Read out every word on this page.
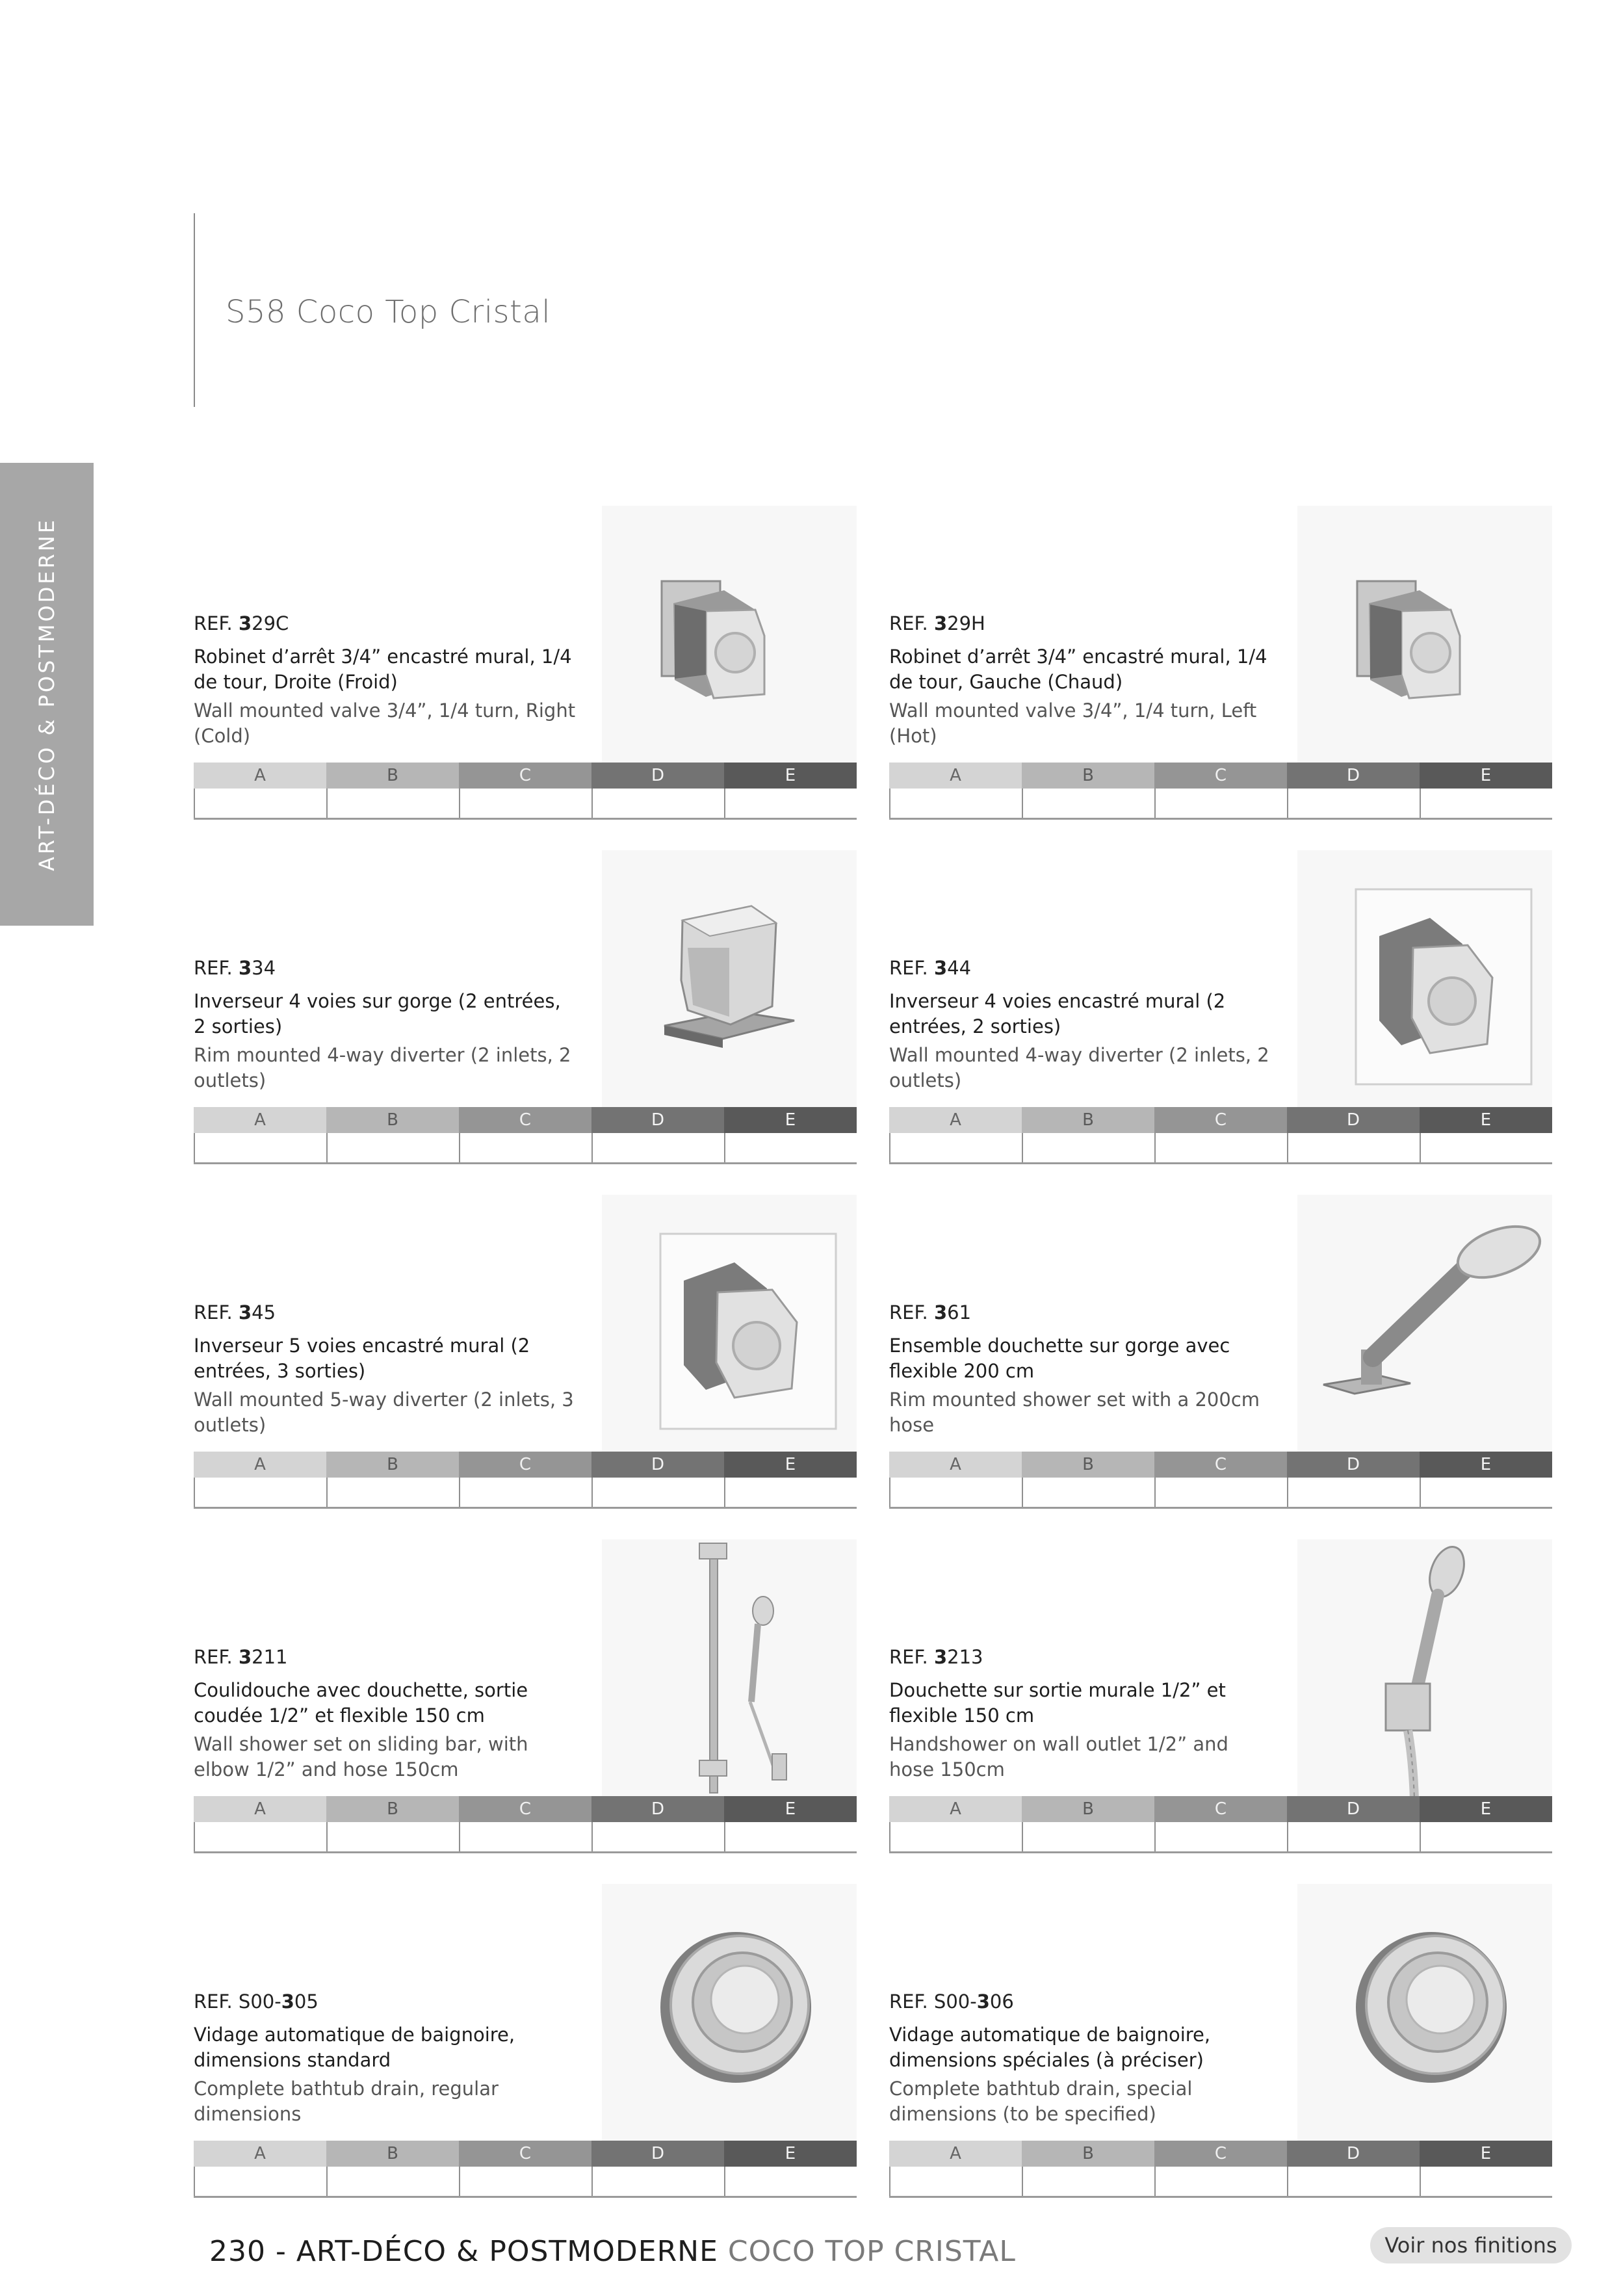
S58 Coco Top Cristal
ART-DÉCO & POSTMODERNE	REF. 329C
Robinet d’arrêt 3/4” encastré mural, 1/4 de tour, Droite (Froid)
Wall mounted valve 3/4”, 1/4 turn, Right (Cold)
A	B	C	D	E
REF. 329H
Robinet d’arrêt 3/4” encastré mural, 1/4 de tour, Gauche (Chaud)
Wall mounted valve 3/4”, 1/4 turn, Left (Hot)
A	B	C	D	E
REF. 334
Inverseur 4 voies sur gorge (2 entrées, 2 sorties)
Rim mounted 4-way diverter (2 inlets, 2 outlets)
A	B	C	D	E
REF. 344
Inverseur 4 voies encastré mural (2 entrées, 2 sorties)
Wall mounted 4-way diverter (2 inlets, 2 outlets)
A	B	C	D	E
REF. 345
Inverseur 5 voies encastré mural (2 entrées, 3 sorties)
Wall mounted 5-way diverter (2 inlets, 3 outlets)
A	B	C	D	E
REF. 361
Ensemble douchette sur gorge avec flexible 200 cm
Rim mounted shower set with a 200cm hose
A	B	C	D	E
REF. 3211
Coulidouche avec douchette, sortie coudée 1/2” et flexible 150 cm
Wall shower set on sliding bar, with elbow 1/2” and hose 150cm
A	B	C	D	E
REF. 3213
Douchette sur sortie murale 1/2” et flexible 150 cm
Handshower on wall outlet 1/2” and hose 150cm
A	B	C	D	E
REF. S00-305
Vidage automatique de baignoire, dimensions standard
Complete bathtub drain, regular dimensions
A	B	C	D	E
REF. S00-306
Vidage automatique de baignoire, dimensions spéciales (à préciser)
Complete bathtub drain, special dimensions (to be specified)
A	B	C	D	E
230 - ART-DÉCO & POSTMODERNE COCO TOP CRISTAL	Voir nos finitions
